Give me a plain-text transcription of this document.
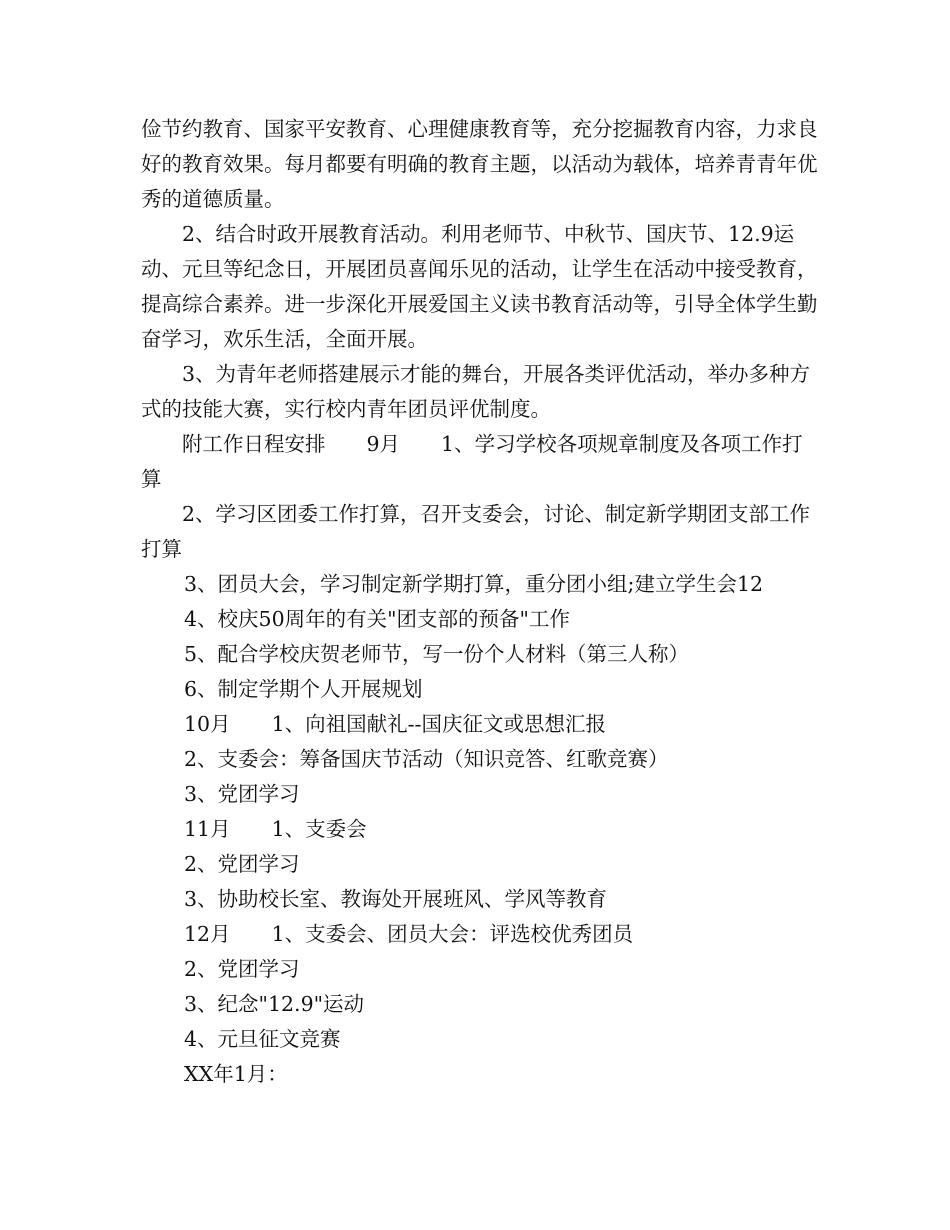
俭节约教育、国家平安教育、心理健康教育等，充分挖掘教育内容，力求良好的教育效果。每月都要有明确的教育主题，以活动为载体，培养青青年优秀的道德质量。

2、结合时政开展教育活动。利用老师节、中秋节、国庆节、12.9运动、元旦等纪念日，开展团员喜闻乐见的活动，让学生在活动中接受教育，提高综合素养。进一步深化开展爱国主义读书教育活动等，引导全体学生勤奋学习，欢乐生活，全面开展。

3、为青年老师搭建展示才能的舞台，开展各类评优活动，举办多种方式的技能大赛，实行校内青年团员评优制度。

附工作日程安排　　9月　　1、学习学校各项规章制度及各项工作打算

2、学习区团委工作打算，召开支委会，讨论、制定新学期团支部工作打算

3、团员大会，学习制定新学期打算，重分团小组;建立学生会12

4、校庆50周年的有关"团支部的预备"工作

5、配合学校庆贺老师节，写一份个人材料（第三人称）

6、制定学期个人开展规划

10月　　1、向祖国献礼--国庆征文或思想汇报

2、支委会：筹备国庆节活动（知识竞答、红歌竞赛）

3、党团学习

11月　　1、支委会

2、党团学习

3、协助校长室、教诲处开展班风、学风等教育

12月　　1、支委会、团员大会：评选校优秀团员

2、党团学习

3、纪念"12.9"运动

4、元旦征文竞赛

XX年1月：
